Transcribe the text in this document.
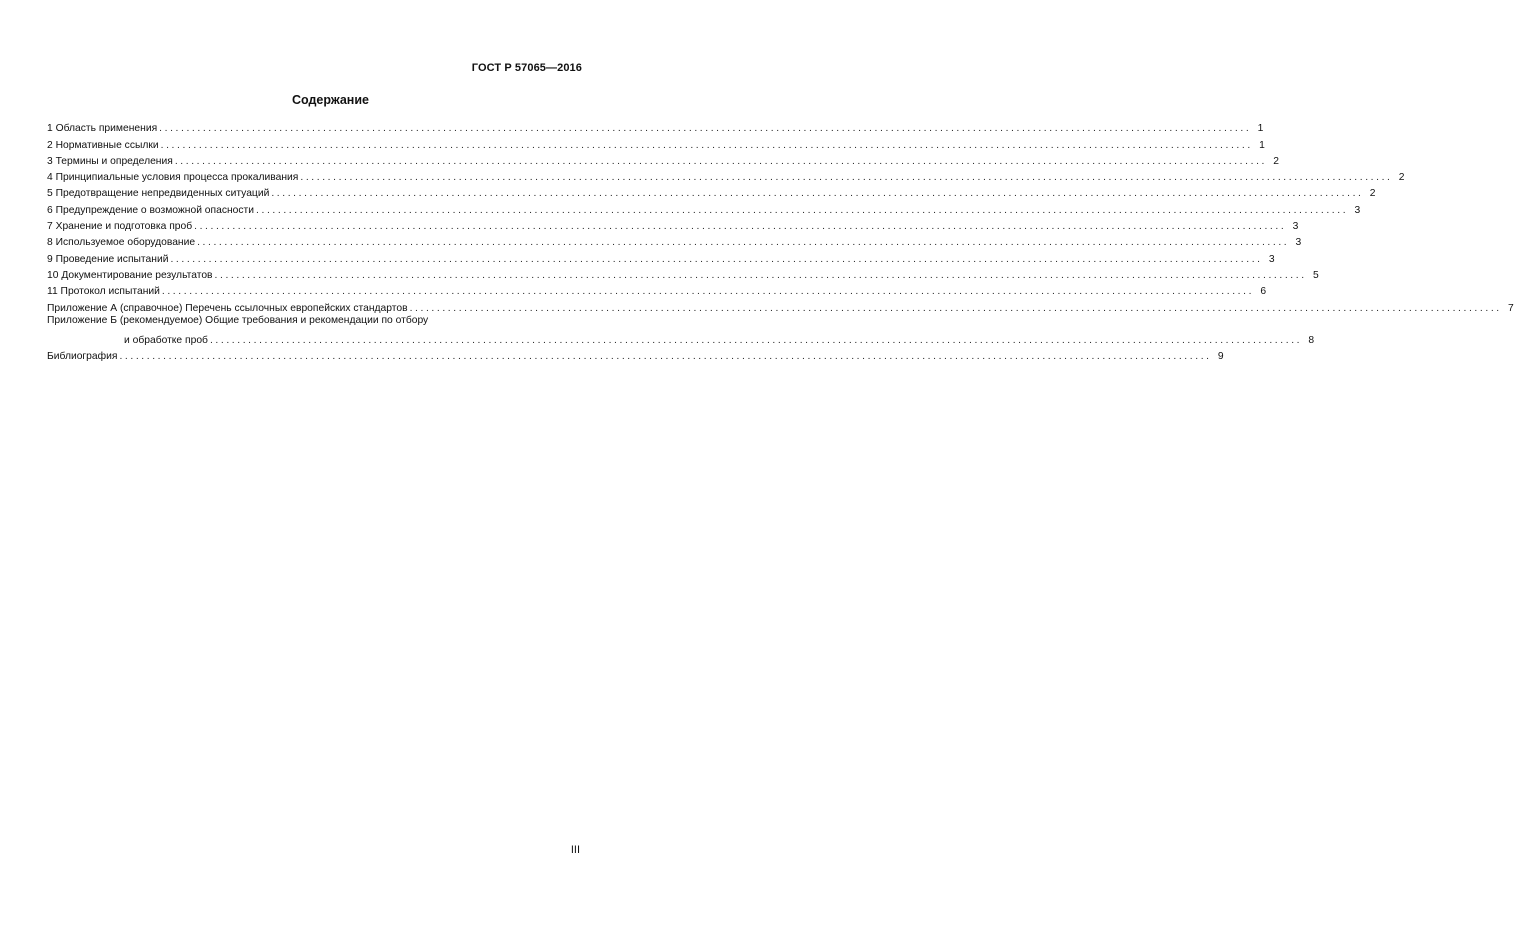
ГОСТ Р 57065—2016
Содержание
1 Область применения ........................................................................................................................................................................................................ 1
2 Нормативные ссылки ........................................................................................................................................................................................................ 1
3 Термины и определения ........................................................................................................................................................................................................ 2
4 Принципиальные условия процесса прокаливания ........................................................................................................................................................................................................ 2
5 Предотвращение непредвиденных ситуаций ........................................................................................................................................................................................................ 2
6 Предупреждение о возможной опасности ........................................................................................................................................................................................................ 3
7 Хранение и подготовка проб ........................................................................................................................................................................................................ 3
8 Используемое оборудование ........................................................................................................................................................................................................ 3
9 Проведение испытаний ........................................................................................................................................................................................................ 3
10 Документирование результатов ........................................................................................................................................................................................................ 5
11 Протокол испытаний ........................................................................................................................................................................................................ 6
Приложение А (справочное) Перечень ссылочных европейских стандартов ........................................................................................................................................................................................................ 7
Приложение Б (рекомендуемое) Общие требования и рекомендации по отбору
и обработке проб ........................................................................................................................................................................................................ 8
Библиография ........................................................................................................................................................................................................ 9
III
